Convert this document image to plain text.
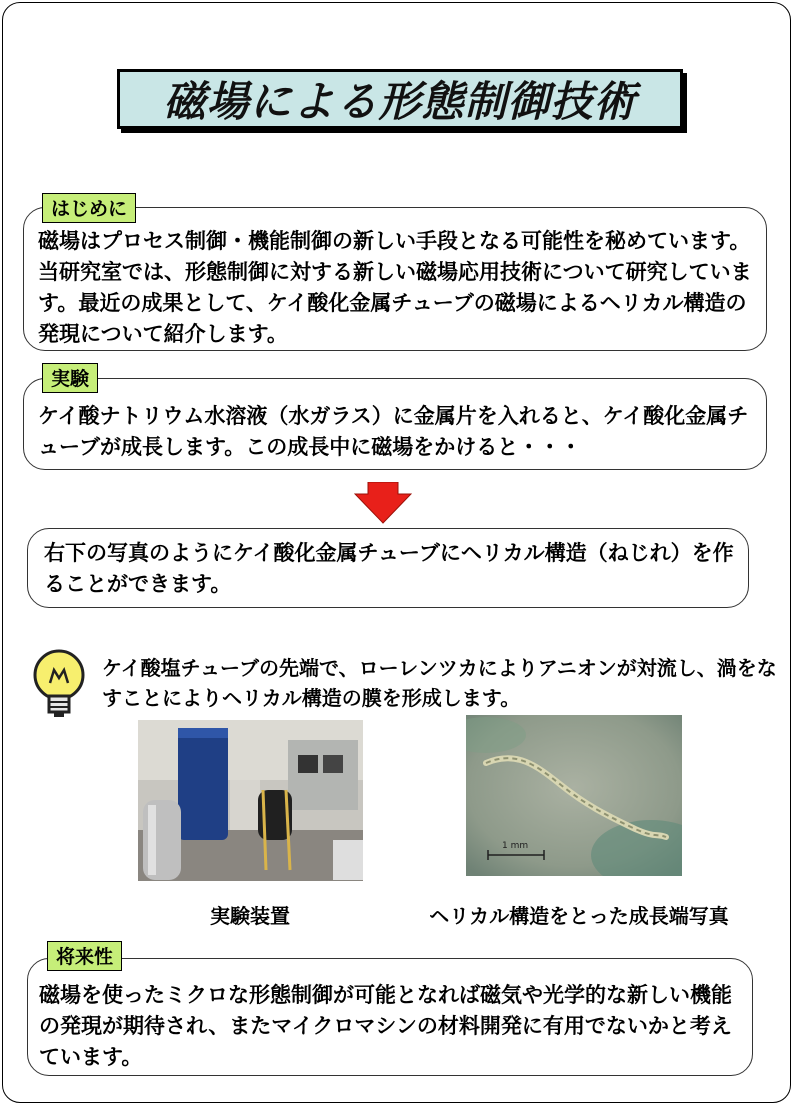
磁場による形態制御技術
磁場はプロセス制御・機能制御の新しい手段となる可能性を秘めています。当研究室では、形態制御に対する新しい磁場応用技術について研究しています。最近の成果として、ケイ酸化金属チューブの磁場によるヘリカル構造の発現について紹介します。
はじめに
ケイ酸ナトリウム水溶液（水ガラス）に金属片を入れると、ケイ酸化金属チューブが成長します。この成長中に磁場をかけると・・・
実験
右下の写真のようにケイ酸化金属チューブにヘリカル構造（ねじれ）を作ることができます。
ケイ酸塩チューブの先端で、ローレンツカによりアニオンが対流し、渦をなすことによりヘリカル構造の膜を形成します。
実験装置
1 mm
ヘリカル構造をとった成長端写真
磁場を使ったミクロな形態制御が可能となれば磁気や光学的な新しい機能の発現が期待され、またマイクロマシンの材料開発に有用でないかと考えています。
将来性
